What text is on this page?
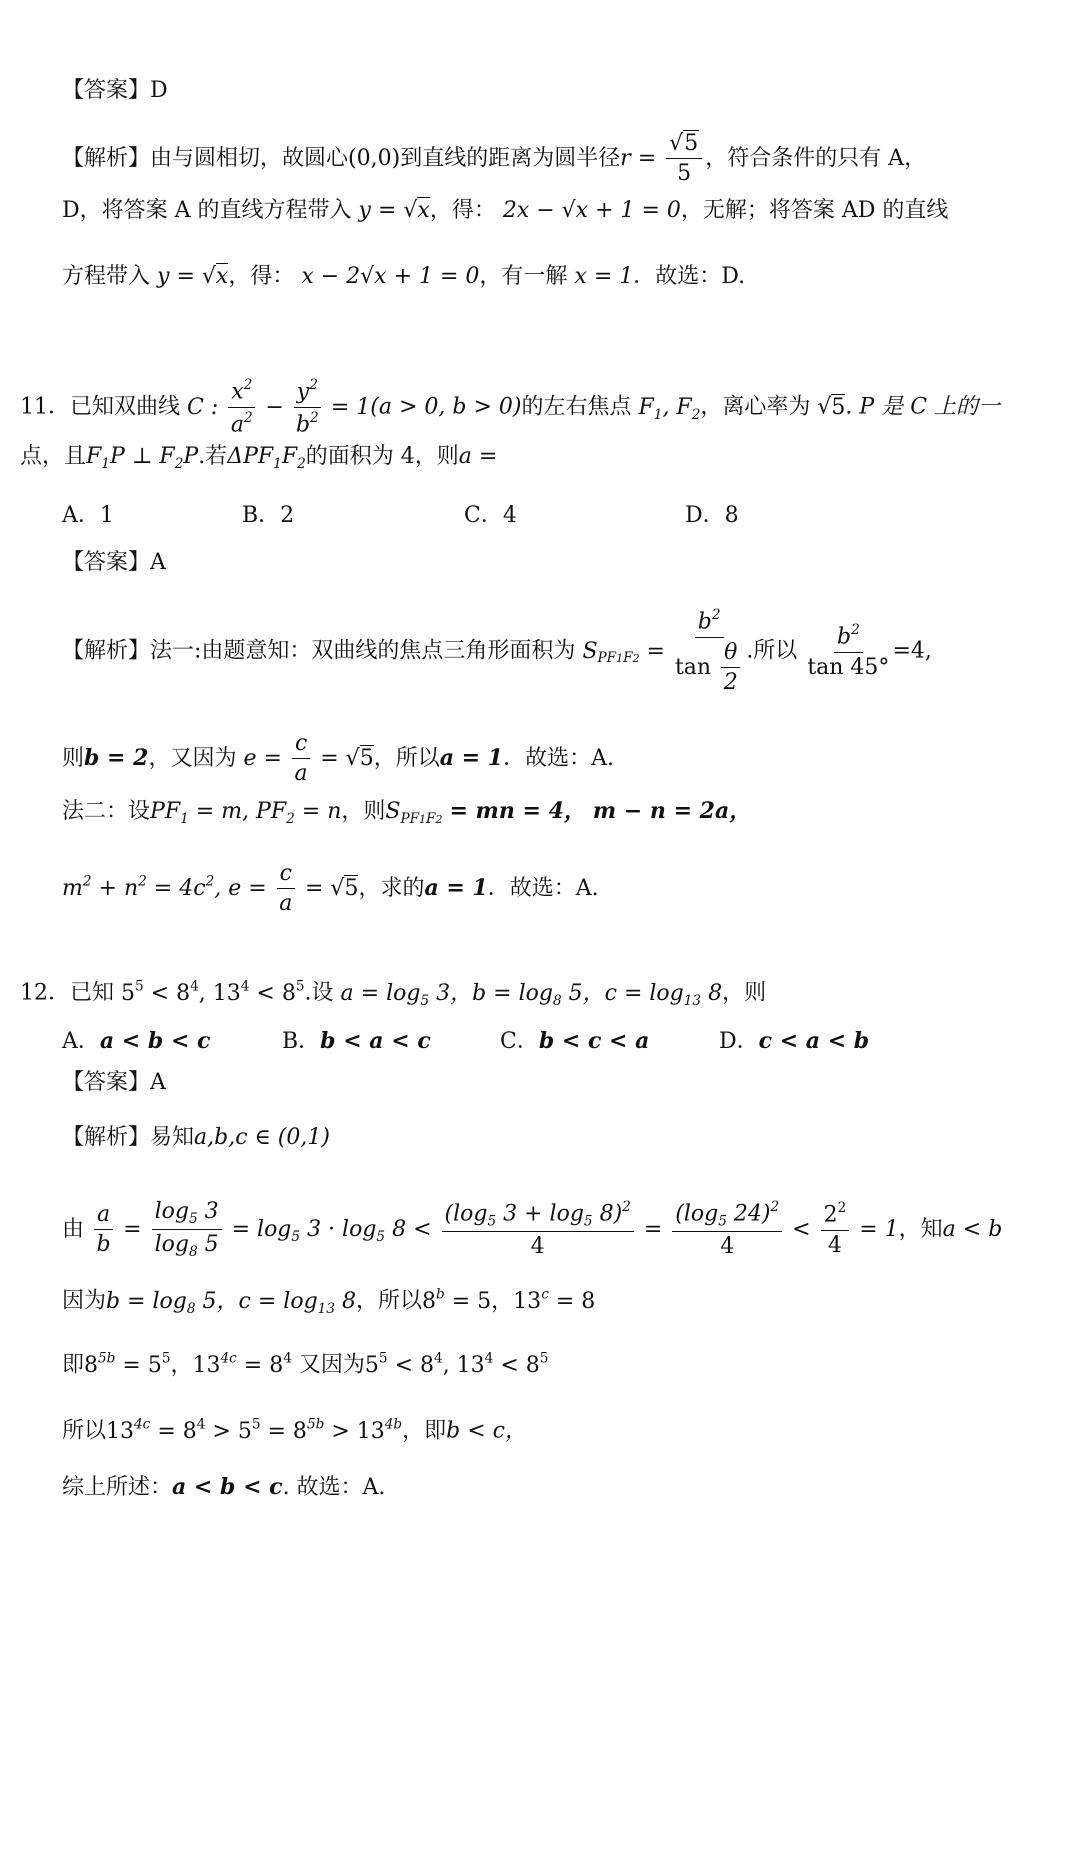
【答案】D
【解析】由与圆相切，故圆心(0,0)到直线的距离为圆半径$r = \frac{√5}{5}$ ，符合条件的只有 A，
D，将答案 A 的直线方程带入 y = √x，得： 2x − √x + 1 = 0，无解；将答案 AD 的直线
方程带入 y = √x，得： x − 2√x + 1 = 0，有一解 x = 1．故选：D.
11．已知双曲线 C : $\frac{x^2}{a^2} - \frac{y^2}{b^2} = 1(a > 0$, b > 0)的左右焦点 $F_1$, $F_2$，离心率为 √5. P 是 C 上的一
点，且$F_1P$ ⊥ $F_2P$.若$\Delta PF_1F_2$的面积为 4，则a =
A．1	B．2	C．4	D．8
【答案】A
【解析】法一:由题意知：双曲线的焦点三角形面积为 $S_{PF1F2} = \frac{b^2}{\tan \frac{\theta}{2}}$ .所以 $\frac{b^2}{\tan 45^\circ} =4$,
则b = 2，又因为 $e = \frac{c}{a} = √5$，所以a = 1．故选：A.
法二：设$PF_1 = m$, $PF_2 = n$，则$S_{PF1F2}$ = mn = 4， m − n = 2a，
$m^2 + n^2 = 4c^2$, $e = \frac{c}{a} = √5$，求的a = 1．故选：A.
12．已知 $5^5 < 8^4$, $13^4 < 8^5$.设 $a = \log_5 3$，$b = \log_8 5$，$c = \log_{13} 8$，则
A．a < b < c	B．b < a < c	C．b < c < a	D．c < a < b
【答案】A
【解析】易知a,b,c ∈ (0,1)
由 $\frac{a}{b} = \frac{\log_5 3}{\log_8 5} = \log_5 3 \cdot \log_5 8 < \frac{(\log_5 3 + \log_5 8)^2}{4} = \frac{(\log_5 24)^2}{4} < \frac{2^2}{4} = 1$，知a < b
因为$b = \log_8 5$，$c = \log_{13} 8$，所以$8^b = 5$，$13^c = 8$
即$8^{5b} = 5^5$，$13^{4c} = 8^4$ 又因为$5^5 < 8^4$, $13^4 < 8^5$
所以$13^{4c} = 8^4 > 5^5 = 8^{5b} > 13^{4b}$，即b < c，
综上所述：a < b < c. 故选：A.
